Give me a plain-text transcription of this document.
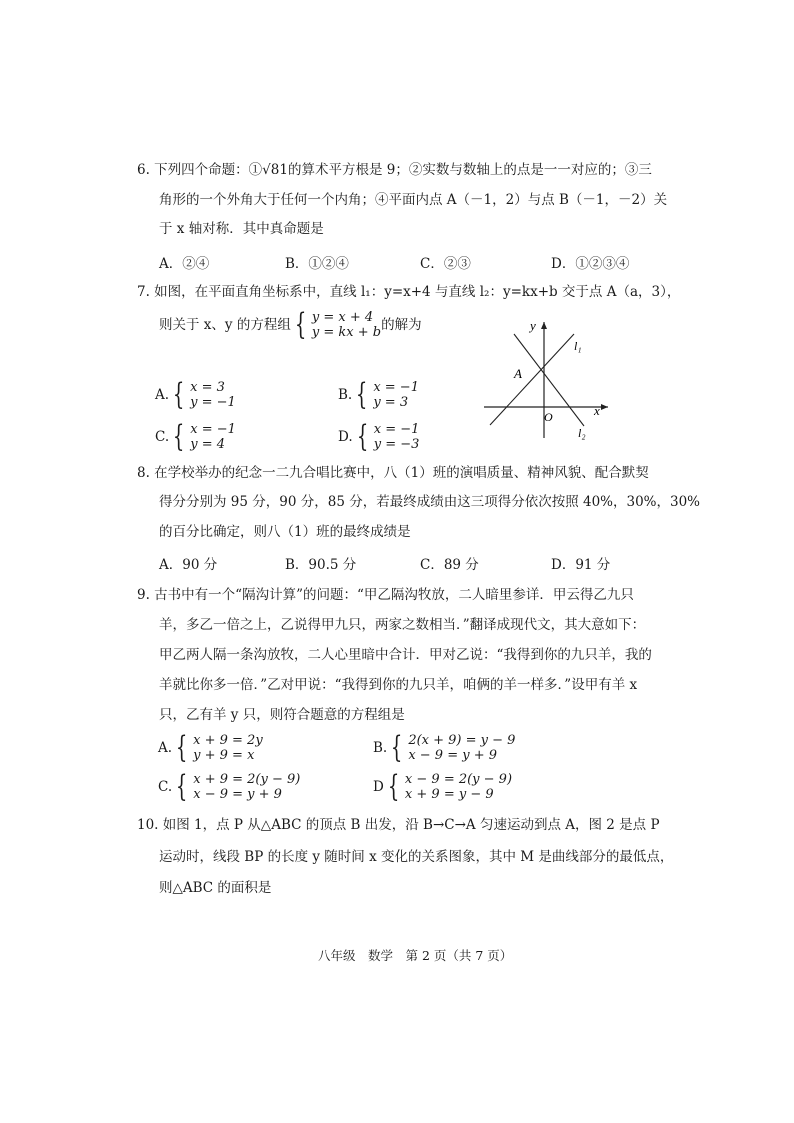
6. 下列四个命题：①√81的算术平方根是 9；②实数与数轴上的点是一一对应的；③三
角形的一个外角大于任何一个内角；④平面内点 A（－1，2）与点 B（－1，－2）关
于 x 轴对称．其中真命题是
A．②④	B．①②④	C．②③	D．①②③④
7. 如图，在平面直角坐标系中，直线 l₁：y=x+4 与直线 l₂：y=kx+b 交于点 A（a，3），
则关于 x、y 的方程组 { y = x + 4
y = kx + b 的解为
A. { x = 3
y = −1	B. { x = −1
y = 3
C. { x = −1
y = 4	D. { x = −1
y = −3
y
x
l₁
l₂
A
O
8. 在学校举办的纪念一二九合唱比赛中，八（1）班的演唱质量、精神风貌、配合默契
得分分别为 95 分，90 分，85 分，若最终成绩由这三项得分依次按照 40%，30%，30%
的百分比确定，则八（1）班的最终成绩是
A．90 分	B．90.5 分	C．89 分	D．91 分
9. 古书中有一个“隔沟计算”的问题：“甲乙隔沟牧放，二人暗里参详．甲云得乙九只
羊，多乙一倍之上，乙说得甲九只，两家之数相当．”翻译成现代文，其大意如下：
甲乙两人隔一条沟放牧，二人心里暗中合计．甲对乙说：“我得到你的九只羊，我的
羊就比你多一倍．”乙对甲说：“我得到你的九只羊，咱俩的羊一样多．”设甲有羊 x
只，乙有羊 y 只，则符合题意的方程组是
A. { x + 9 = 2y
y + 9 = x	B. { 2(x + 9) = y − 9
x − 9 = y + 9
C. { x + 9 = 2(y − 9)
x − 9 = y + 9	D { x − 9 = 2(y − 9)
x + 9 = y − 9
10. 如图 1，点 P 从△ABC 的顶点 B 出发，沿 B→C→A 匀速运动到点 A，图 2 是点 P
运动时，线段 BP 的长度 y 随时间 x 变化的关系图象，其中 M 是曲线部分的最低点，
则△ABC 的面积是
八年级　数学　第 2 页（共 7 页）
